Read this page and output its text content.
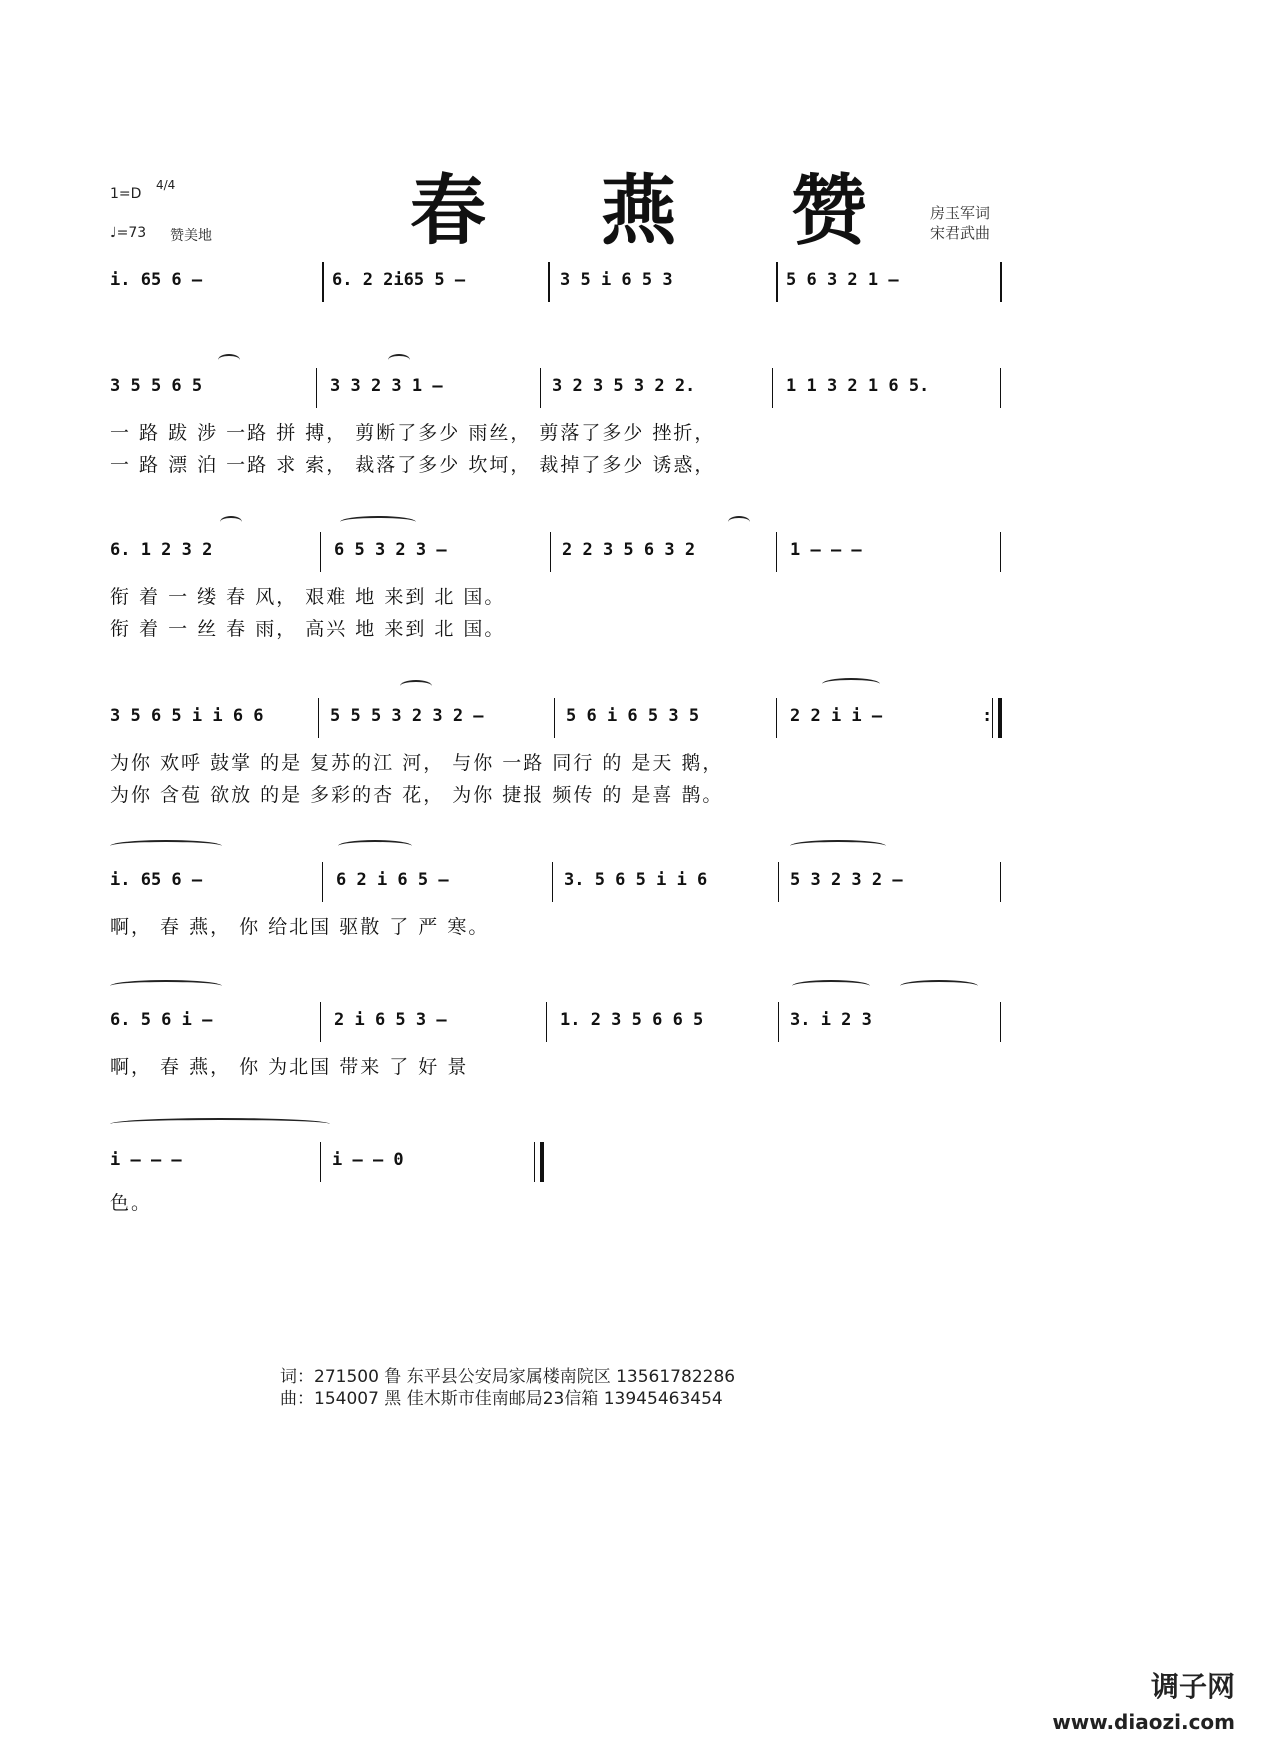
春 燕 赞
1=D
4/4
♩=73 赞美地
房玉军词
宋君武曲
i. 65 6 –	6. 2 2i65 5 –	3 5 i 6 5 3	5 6 3 2 1 –
3 5 5 6 5	3 3 2 3 1 –	3 2 3 5 3 2 2.	1 1 3 2 1 6 5.
一 路 跋 涉 一路 拼 搏， 剪断了多少 雨丝， 剪落了多少 挫折，
一 路 漂 泊 一路 求 索， 裁落了多少 坎坷， 裁掉了多少 诱惑，
6. 1 2 3 2	6 5 3 2 3 –	2 2 3 5 6 3 2	1 – – –
衔 着 一 缕 春 风， 艰难 地 来到 北 国。
衔 着 一 丝 春 雨， 高兴 地 来到 北 国。
3 5 6 5 i i 6 6	5 5 5 3 2 3 2 –	5 6 i 6 5 3 5	2 2 i i –	:
为你 欢呼 鼓掌 的是 复苏的江 河， 与你 一路 同行 的 是天 鹅，
为你 含苞 欲放 的是 多彩的杏 花， 为你 捷报 频传 的 是喜 鹊。
i. 65 6 –	6 2 i 6 5 –	3. 5 6 5 i i 6	5 3 2 3 2 –
啊， 春 燕， 你 给北国 驱散 了 严 寒。
6. 5 6 i –	2 i 6 5 3 –	1. 2 3 5 6 6 5	3. i 2 3
啊， 春 燕， 你 为北国 带来 了 好 景
i – – –	i – – 0
色。
词：271500 鲁 东平县公安局家属楼南院区 13561782286
曲：154007 黑 佳木斯市佳南邮局23信箱 13945463454
调子网
www.diaozi.com
